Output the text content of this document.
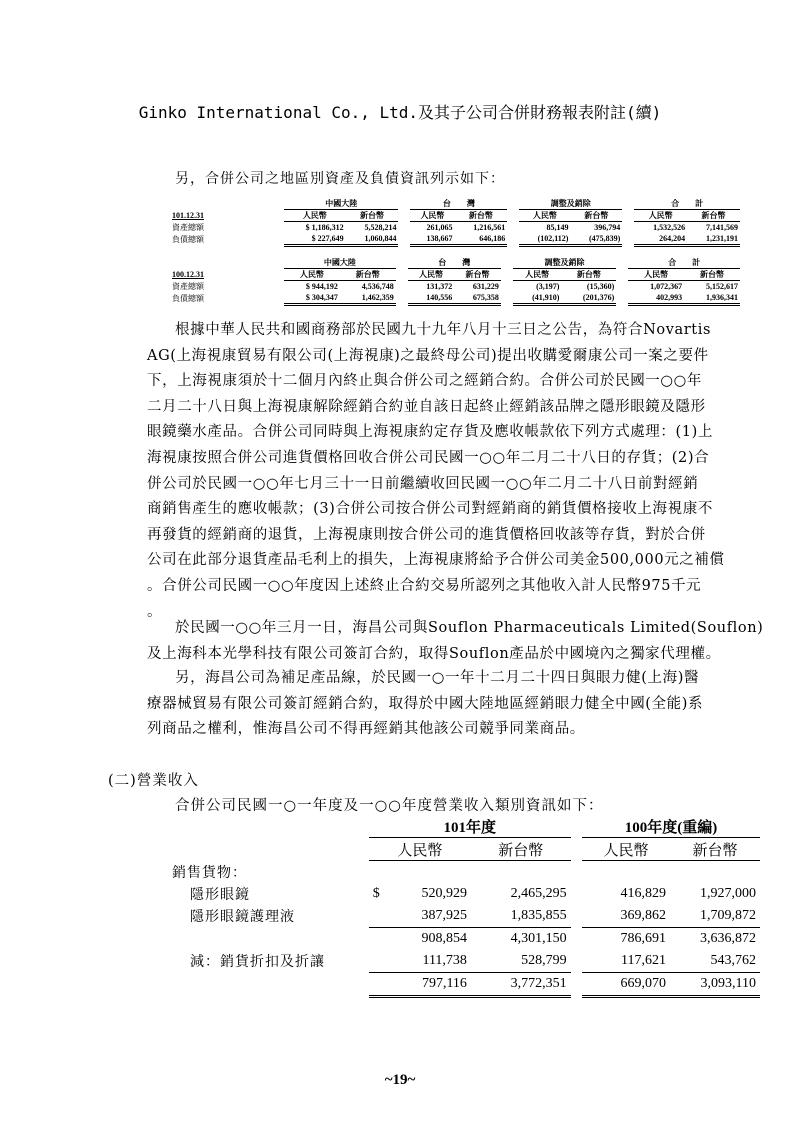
Ginko International Co., Ltd.及其子公司合併財務報表附註(續)
另，合併公司之地區別資產及負債資訊列示如下：
	中國大陸			台　　灣			調整及銷除			合　　計	
101.12.31	人民幣	新台幣		人民幣	新台幣		人民幣	新台幣		人民幣	新台幣
資產總額	$ 1,186,312	5,528,214		261,065	1,216,561		85,149	396,794		1,532,526	7,141,569
負債總額	$ 227,649	1,060,844		138,667	646,186		(102,112)	(475,839)		264,204	1,231,191
	中國大陸			台　　灣			調整及銷除			合　　計	
100.12.31	人民幣	新台幣		人民幣	新台幣		人民幣	新台幣		人民幣	新台幣
資產總額	$ 944,192	4,536,748		131,372	631,229		(3,197)	(15,360)		1,072,367	5,152,617
負債總額	$ 304,347	1,462,359		140,556	675,358		(41,910)	(201,376)		402,993	1,936,341
根據中華人民共和國商務部於民國九十九年八月十三日之公告，為符合Novartis
AG(上海視康貿易有限公司(上海視康)之最終母公司)提出收購愛爾康公司一案之要件
下，上海視康須於十二個月內終止與合併公司之經銷合約。合併公司於民國一○○年
二月二十八日與上海視康解除經銷合約並自該日起終止經銷該品牌之隱形眼鏡及隱形
眼鏡藥水產品。合併公司同時與上海視康約定存貨及應收帳款依下列方式處理：(1)上
海視康按照合併公司進貨價格回收合併公司民國一○○年二月二十八日的存貨；(2)合
併公司於民國一○○年七月三十一日前繼續收回民國一○○年二月二十八日前對經銷
商銷售產生的應收帳款；(3)合併公司按合併公司對經銷商的銷貨價格接收上海視康不
再發貨的經銷商的退貨，上海視康則按合併公司的進貨價格回收該等存貨，對於合併
公司在此部分退貨產品毛利上的損失，上海視康將給予合併公司美金500,000元之補償
。合併公司民國一○○年度因上述終止合約交易所認列之其他收入計人民幣975千元
。
於民國一○○年三月一日，海昌公司與Souflon Pharmaceuticals Limited(Souflon)
及上海科本光學科技有限公司簽訂合約，取得Souflon產品於中國境內之獨家代理權。
另，海昌公司為補足產品線，於民國一○一年十二月二十四日與眼力健(上海)醫
療器械貿易有限公司簽訂經銷合約，取得於中國大陸地區經銷眼力健全中國(全能)系
列商品之權利，惟海昌公司不得再經銷其他該公司競爭同業商品。
(二)營業收入
合併公司民國一○一年度及一○○年度營業收入類別資訊如下：
	101年度				100年度(重編)	
	人民幣		新台幣		人民幣	新台幣
銷售貨物：						
隱形眼鏡	$	520,929	2,465,295		416,829	1,927,000
隱形眼鏡護理液		387,925	1,835,855		369,862	1,709,872
		908,854	4,301,150		786,691	3,636,872
減：銷貨折扣及折讓		111,738	528,799		117,621	543,762
		797,116	3,772,351		669,070	3,093,110
~19~
